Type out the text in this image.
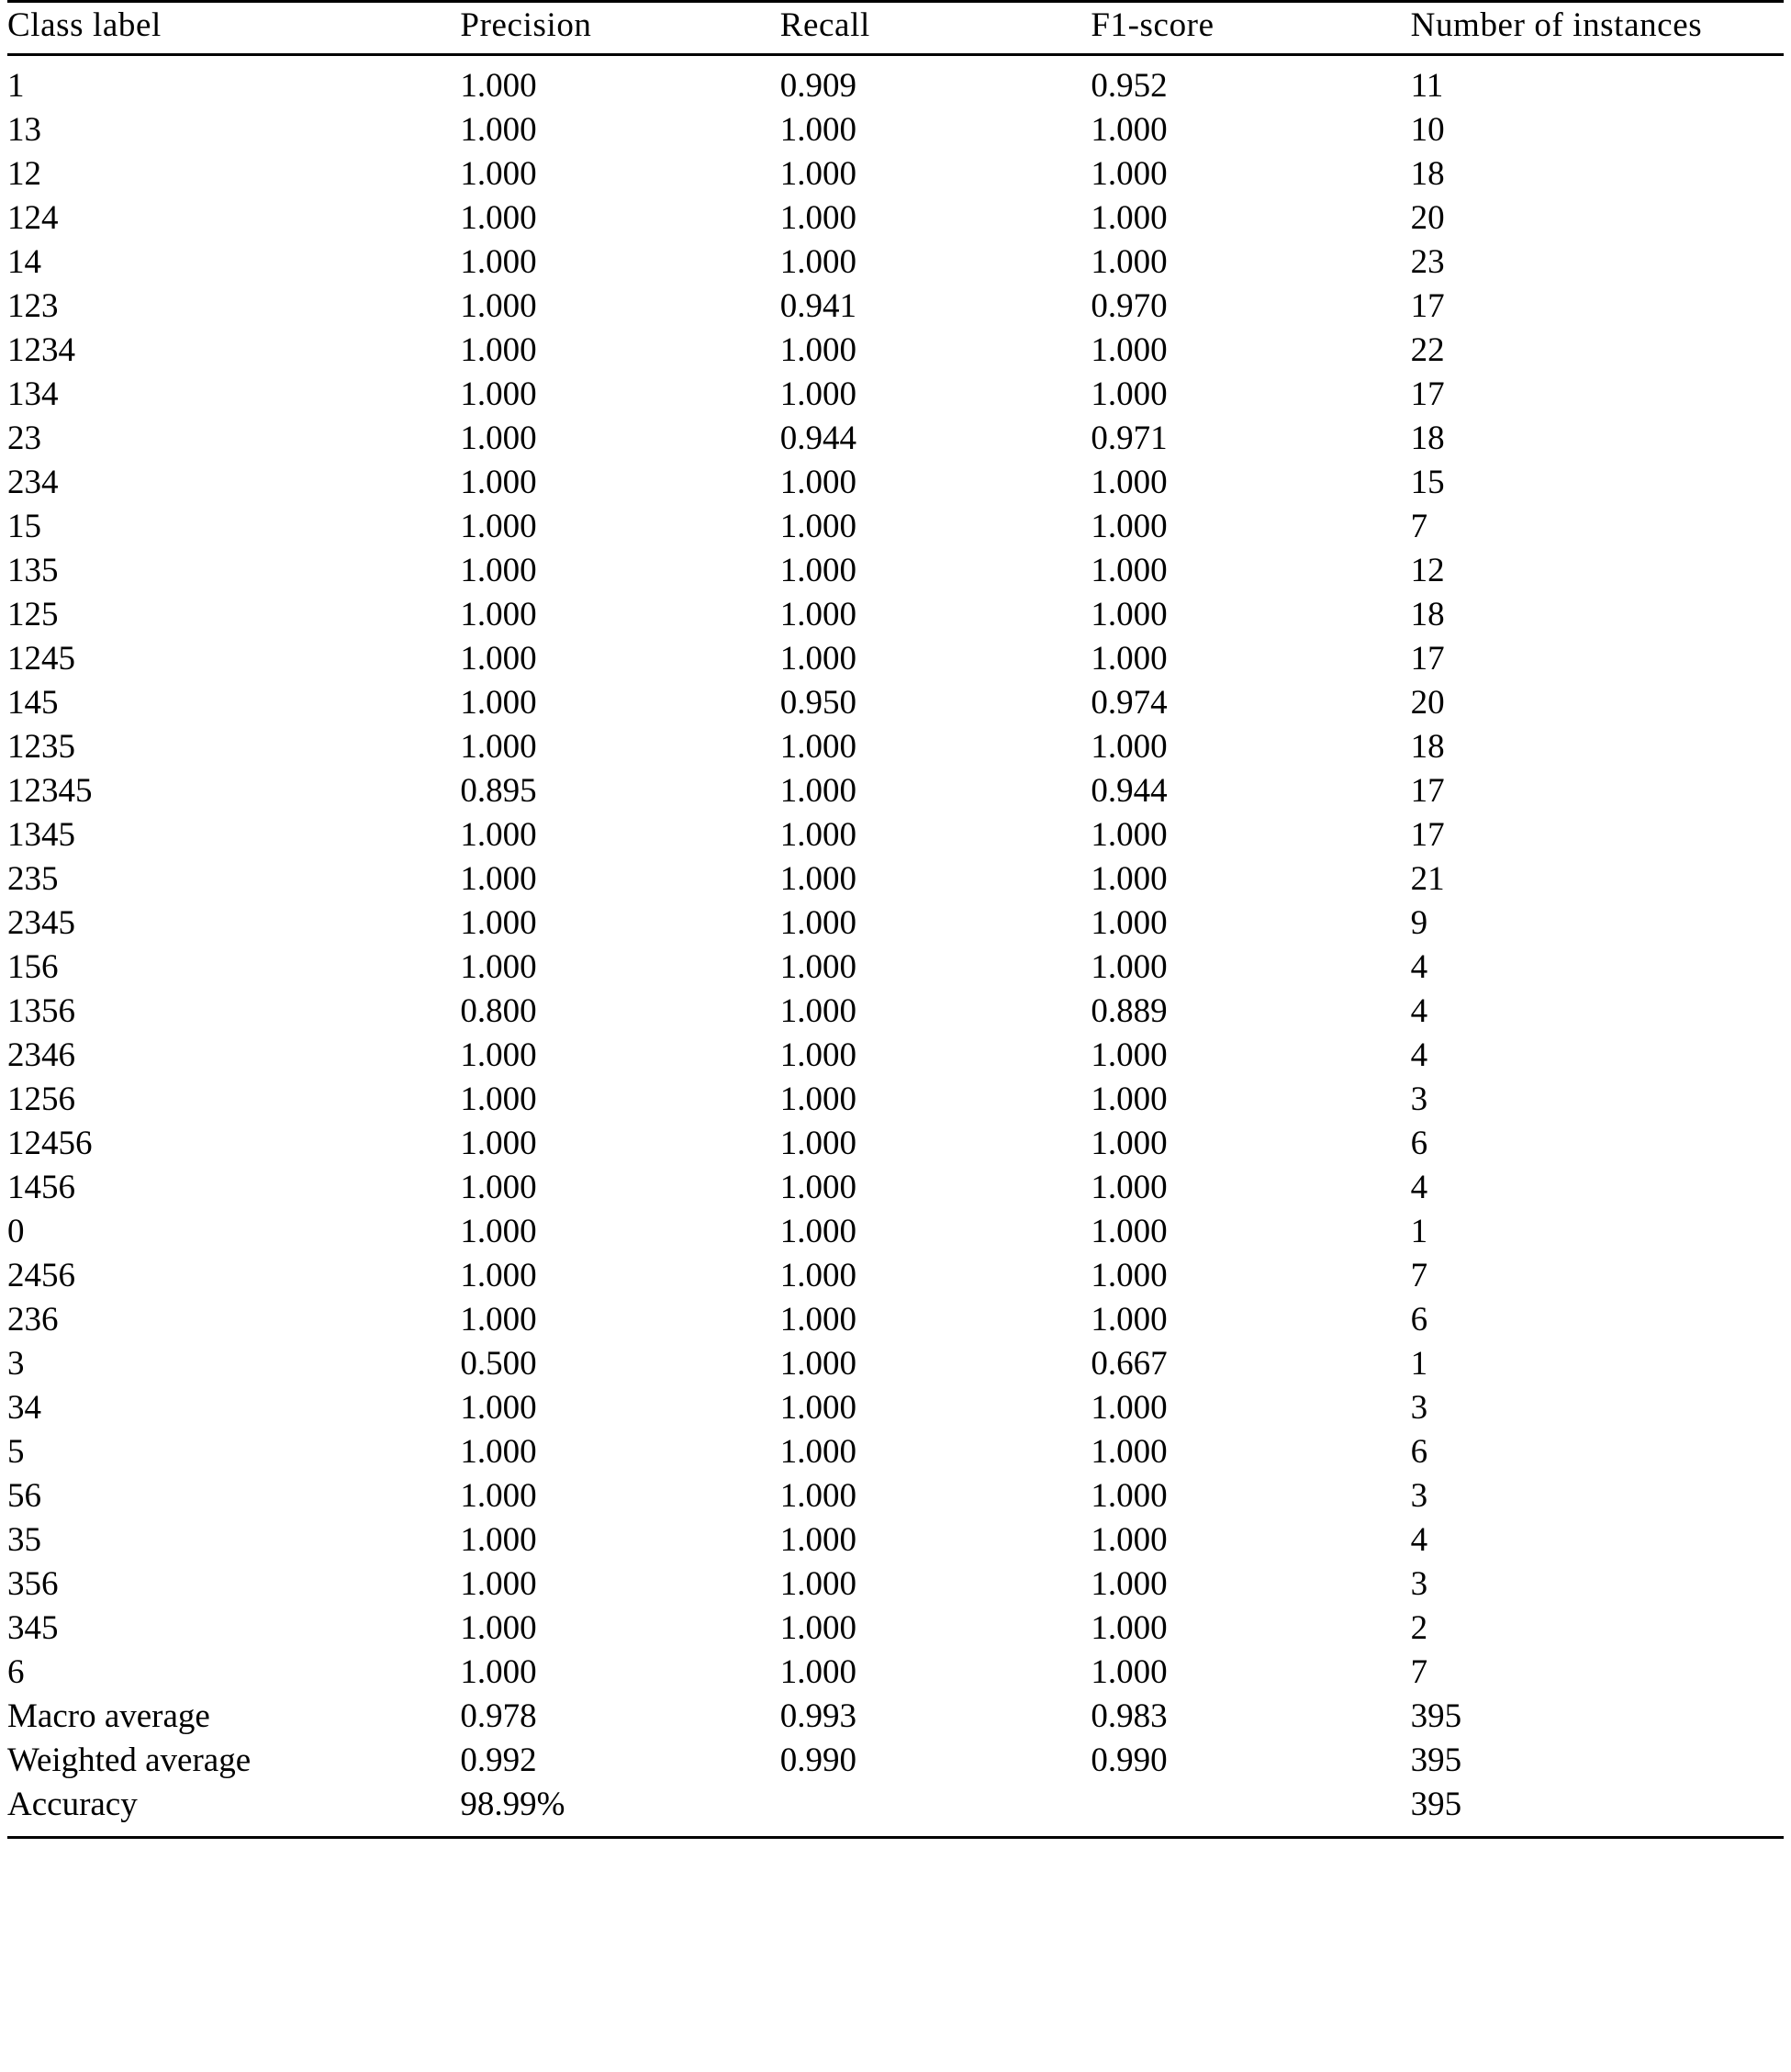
Class label	Precision	Recall	F1-score	Number of instances
1	1.000	0.909	0.952	11
13	1.000	1.000	1.000	10
12	1.000	1.000	1.000	18
124	1.000	1.000	1.000	20
14	1.000	1.000	1.000	23
123	1.000	0.941	0.970	17
1234	1.000	1.000	1.000	22
134	1.000	1.000	1.000	17
23	1.000	0.944	0.971	18
234	1.000	1.000	1.000	15
15	1.000	1.000	1.000	7
135	1.000	1.000	1.000	12
125	1.000	1.000	1.000	18
1245	1.000	1.000	1.000	17
145	1.000	0.950	0.974	20
1235	1.000	1.000	1.000	18
12345	0.895	1.000	0.944	17
1345	1.000	1.000	1.000	17
235	1.000	1.000	1.000	21
2345	1.000	1.000	1.000	9
156	1.000	1.000	1.000	4
1356	0.800	1.000	0.889	4
2346	1.000	1.000	1.000	4
1256	1.000	1.000	1.000	3
12456	1.000	1.000	1.000	6
1456	1.000	1.000	1.000	4
0	1.000	1.000	1.000	1
2456	1.000	1.000	1.000	7
236	1.000	1.000	1.000	6
3	0.500	1.000	0.667	1
34	1.000	1.000	1.000	3
5	1.000	1.000	1.000	6
56	1.000	1.000	1.000	3
35	1.000	1.000	1.000	4
356	1.000	1.000	1.000	3
345	1.000	1.000	1.000	2
6	1.000	1.000	1.000	7
Macro average	0.978	0.993	0.983	395
Weighted average	0.992	0.990	0.990	395
Accuracy	98.99%			395
